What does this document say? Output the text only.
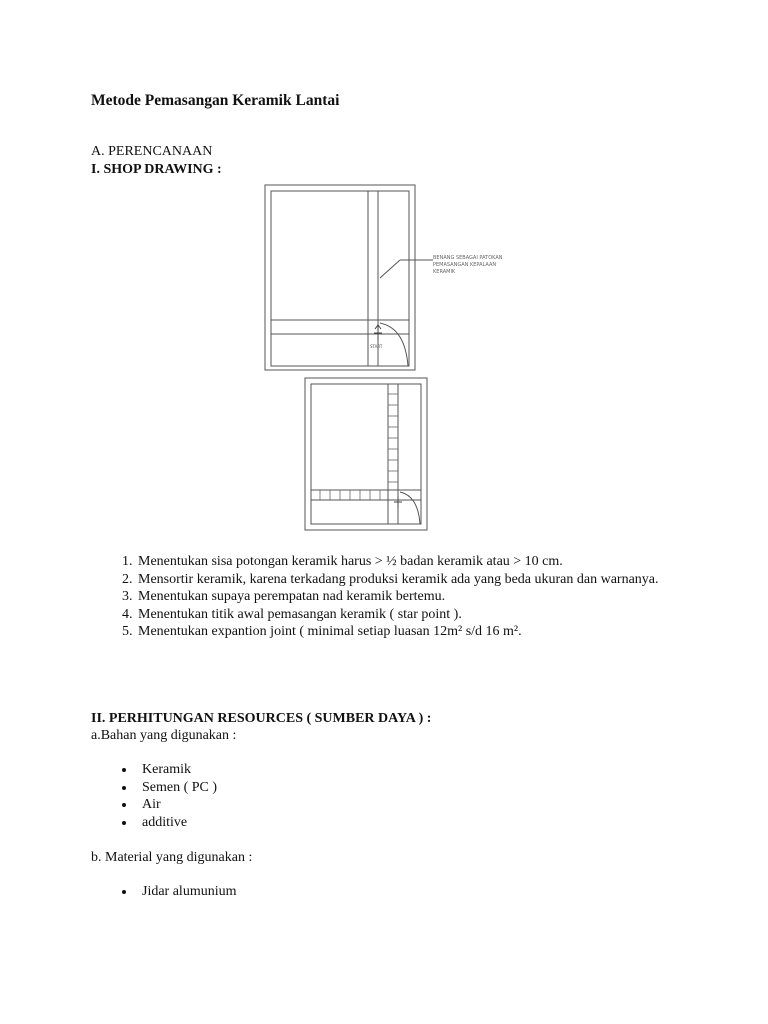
Metode Pemasangan Keramik Lantai
A. PERENCANAAN
I. SHOP DRAWING :
START
BENANG SEBAGAI PATOKAN
PEMASANGAN KEPALAAN
KERAMIK
1. Menentukan sisa potongan keramik harus > ½ badan keramik atau > 10 cm.
2. Mensortir keramik, karena terkadang produksi keramik ada yang beda ukuran dan warnanya.
3. Menentukan supaya perempatan nad keramik bertemu.
4. Menentukan titik awal pemasangan keramik ( star point ).
5. Menentukan expantion joint ( minimal setiap luasan 12m² s/d 16 m².
II. PERHITUNGAN RESOURCES ( SUMBER DAYA ) :
a.Bahan yang digunakan :
• Keramik
• Semen ( PC )
• Air
• additive
b. Material yang digunakan :
• Jidar alumunium
